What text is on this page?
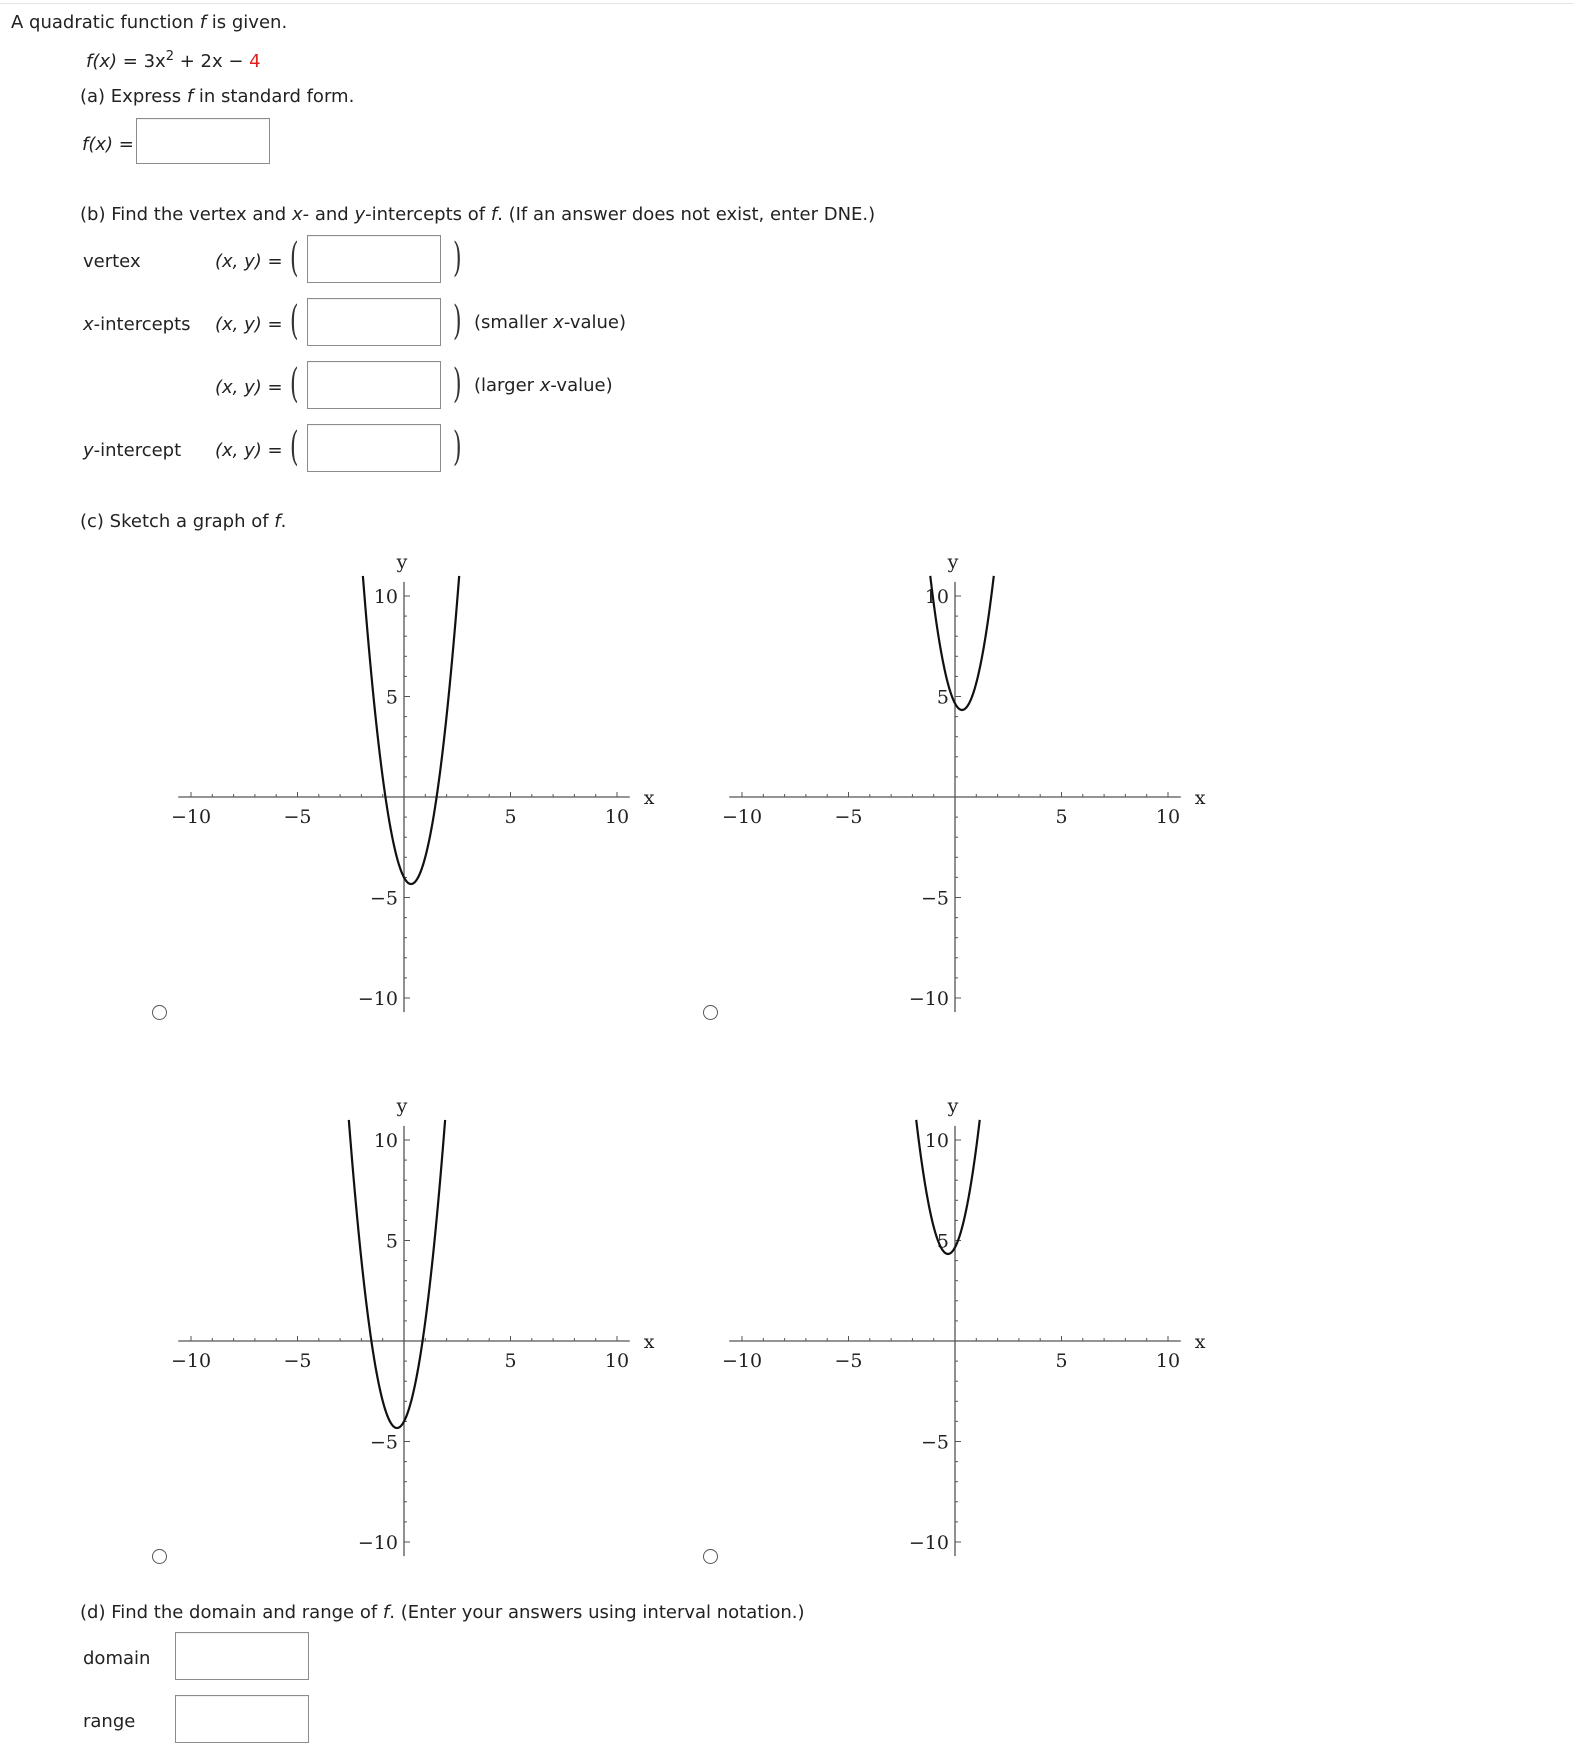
A quadratic function f is given.
$f(x) = 3x^2 + 2x - 4$
(a) Express f in standard form.
f(x) =
(b) Find the vertex and x- and y-intercepts of f. (If an answer does not exist, enter DNE.)
vertex	(x, y) = (	)
x-intercepts (x, y) = (	) (smaller x-value)
(x, y) = (	) (larger x-value)
y-intercept (x, y) = (	)
(c) Sketch a graph of f.
−10	−5	5	10
10
5
−5
−10
x
y
−10	−5	5	10
10
5
−5
−10
x
y
−10	−5	5	10
10
5
−5
−10
x
y
−10	−5	5	10
10
5
−5
−10
x
y
(d) Find the domain and range of f. (Enter your answers using interval notation.)
domain
range
